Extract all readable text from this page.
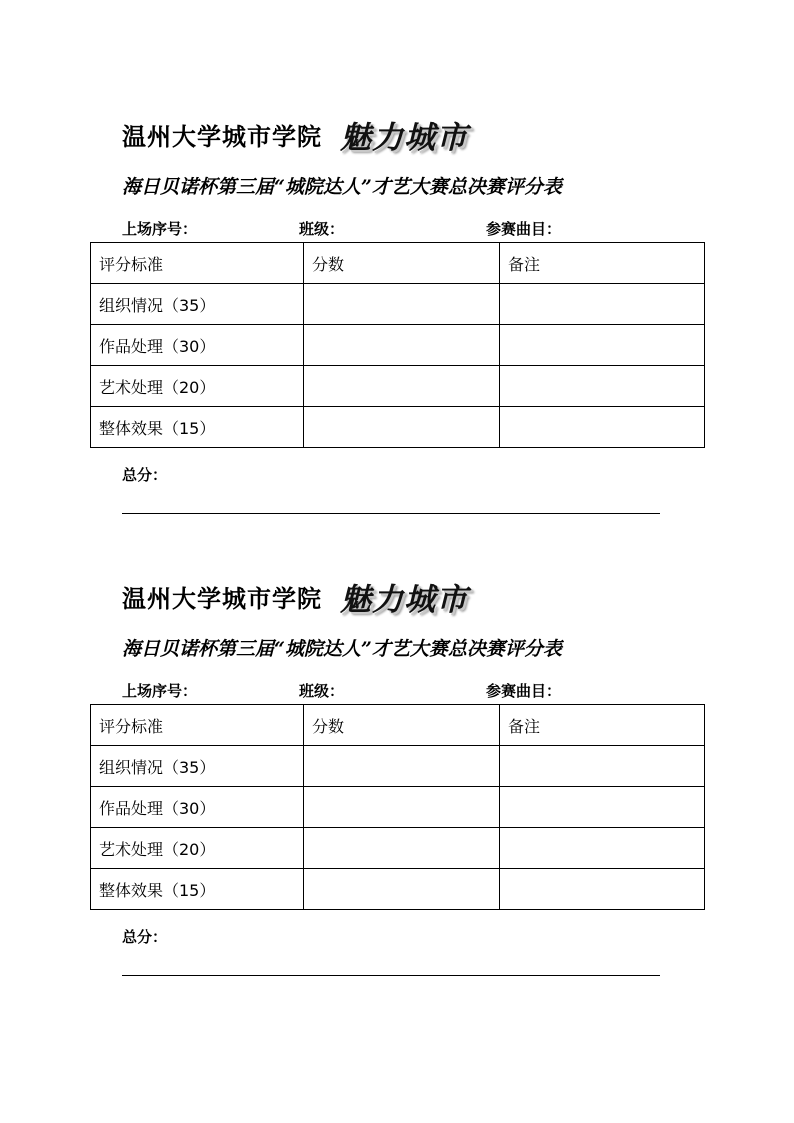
温州大学城市学院 魅力城市
海日贝诺杯第三届“城院达人”才艺大赛总决赛评分表
上场序号：	班级：	参赛曲目：
评分标准	分数	备注
组织情况（35）		
作品处理（30）		
艺术处理（20）		
整体效果（15）		
总分：
温州大学城市学院 魅力城市
海日贝诺杯第三届“城院达人”才艺大赛总决赛评分表
上场序号：	班级：	参赛曲目：
评分标准	分数	备注
组织情况（35）		
作品处理（30）		
艺术处理（20）		
整体效果（15）		
总分：
